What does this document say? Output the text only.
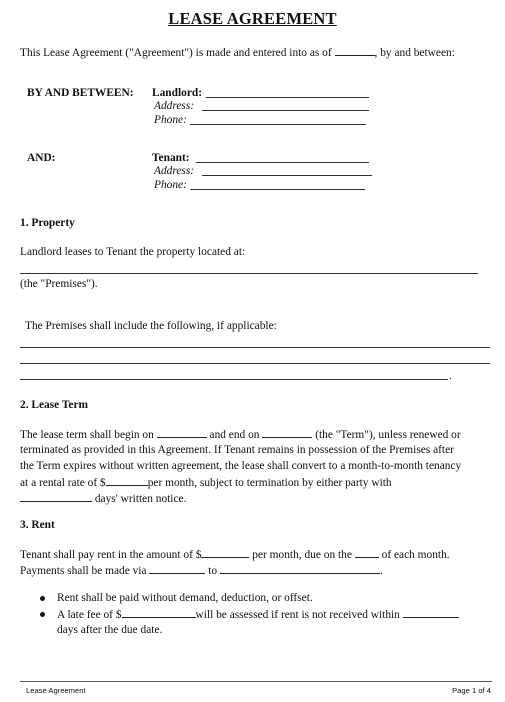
LEASE AGREEMENT
This Lease Agreement ("Agreement") is made and entered into as of	, by and between:
BY AND BETWEEN: Landlord:
Address:
Phone:
AND:	Tenant:
Address:
Phone:
1. Property
Landlord leases to Tenant the property located at:
(the "Premises").
The Premises shall include the following, if applicable:
.
2. Lease Term
The lease term shall begin on	and end on	(the "Term"), unless renewed or
terminated as provided in this Agreement. If Tenant remains in possession of the Premises after
the Term expires without written agreement, the lease shall convert to a month-to-month tenancy
at a rental rate of $	per month, subject to termination by either party with
days' written notice.
3. Rent
Tenant shall pay rent in the amount of $	per month, due on the	of each month.
Payments shall be made via	to	.
Rent shall be paid without demand, deduction, or offset.
A late fee of $	will be assessed if rent is not received within
days after the due date.
Lease Agreement	Page 1 of 4
